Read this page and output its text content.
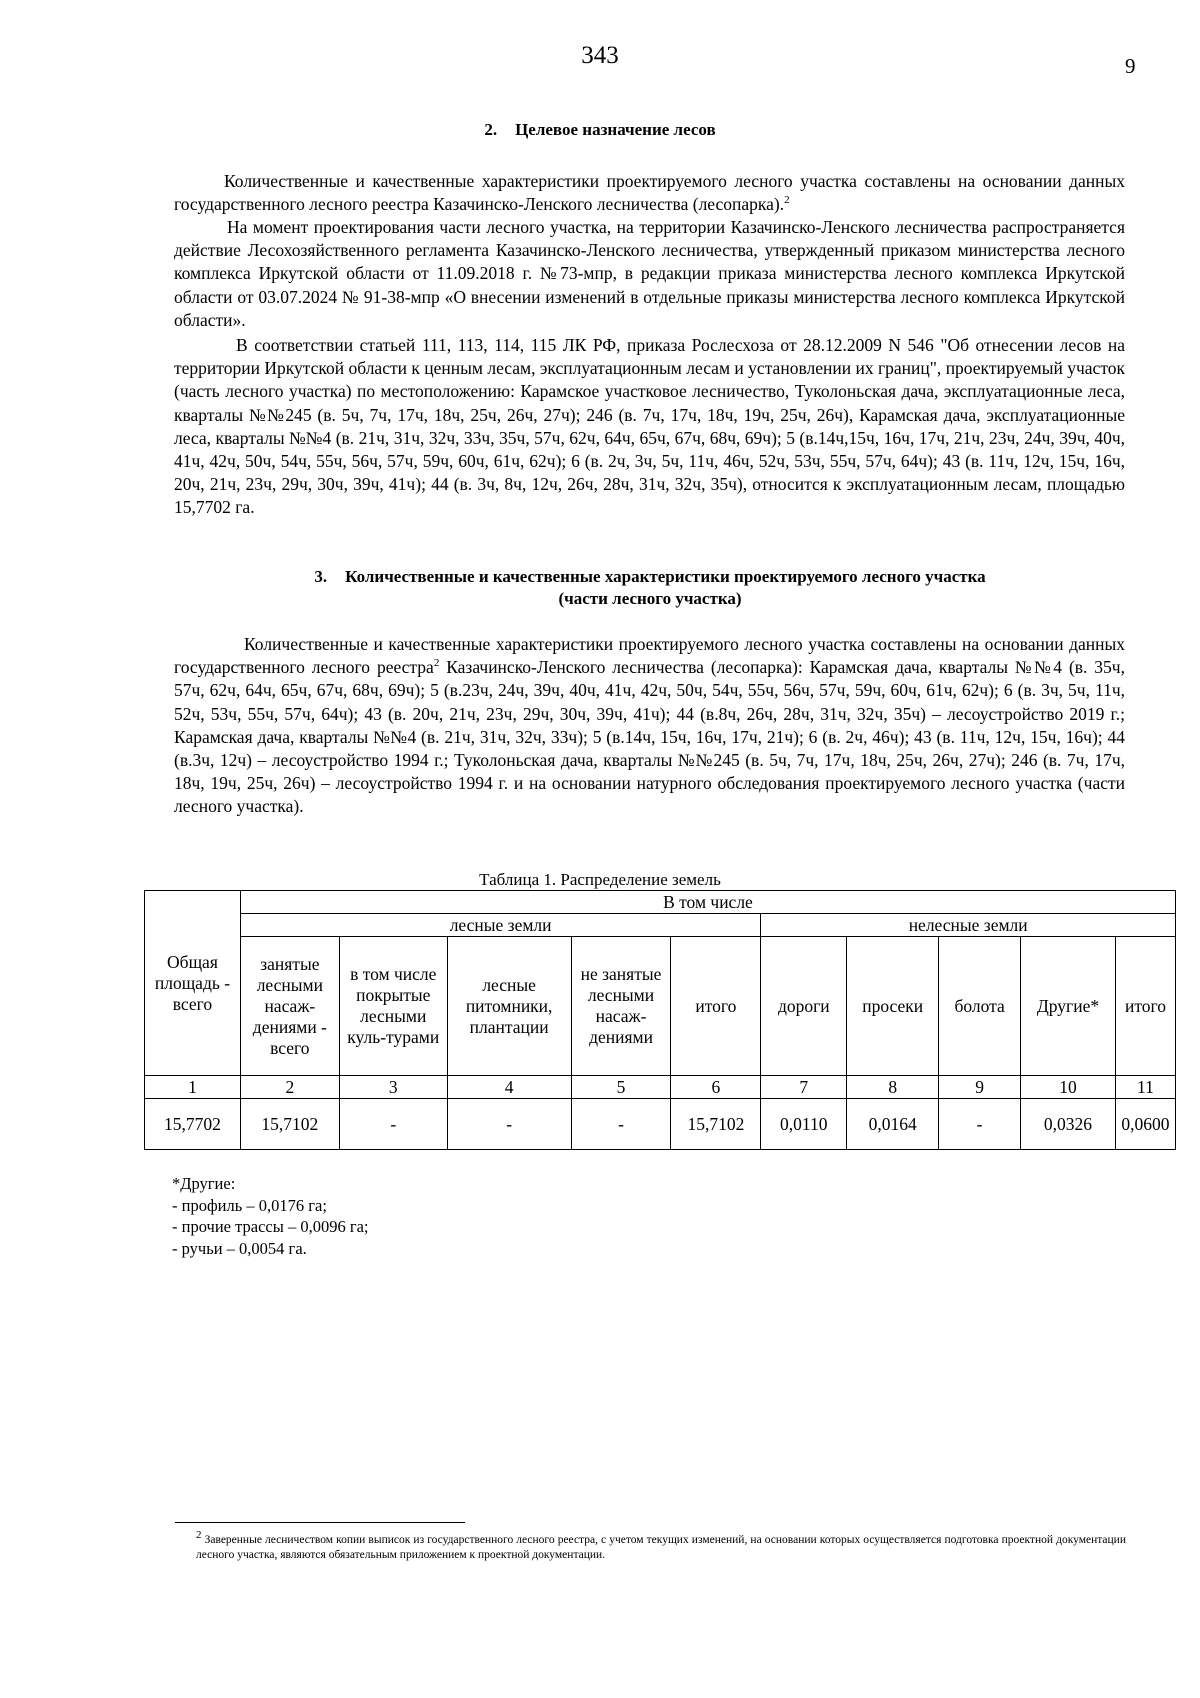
343	9
2. Целевое назначение лесов

Количественные и качественные характеристики проектируемого лесного участка составлены на основании данных государственного лесного реестра Казачинско-Ленского лесничества (лесопарка).$^2$

На момент проектирования части лесного участка, на территории Казачинско-Ленского лесничества распространяется действие Лесохозяйственного регламента Казачинско-Ленского лесничества, утвержденный приказом министерства лесного комплекса Иркутской области от 11.09.2018 г. №73-мпр, в редакции приказа министерства лесного комплекса Иркутской области от 03.07.2024 № 91-38-мпр «О внесении изменений в отдельные приказы министерства лесного комплекса Иркутской области».

В соответствии статьей 111, 113, 114, 115 ЛК РФ, приказа Рослесхоза от 28.12.2009 N 546 "Об отнесении лесов на территории Иркутской области к ценным лесам, эксплуатационным лесам и установлении их границ", проектируемый участок (часть лесного участка) по местоположению: Карамское участковое лесничество, Туколоньская дача, эксплуатационные леса, кварталы №№245 (в. 5ч, 7ч, 17ч, 18ч, 25ч, 26ч, 27ч); 246 (в. 7ч, 17ч, 18ч, 19ч, 25ч, 26ч), Карамская дача, эксплуатационные леса, кварталы №№4 (в. 21ч, 31ч, 32ч, 33ч, 35ч, 57ч, 62ч, 64ч, 65ч, 67ч, 68ч, 69ч); 5 (в.14ч,15ч, 16ч, 17ч, 21ч, 23ч, 24ч, 39ч, 40ч, 41ч, 42ч, 50ч, 54ч, 55ч, 56ч, 57ч, 59ч, 60ч, 61ч, 62ч); 6 (в. 2ч, 3ч, 5ч, 11ч, 46ч, 52ч, 53ч, 55ч, 57ч, 64ч); 43 (в. 11ч, 12ч, 15ч, 16ч, 20ч, 21ч, 23ч, 29ч, 30ч, 39ч, 41ч); 44 (в. 3ч, 8ч, 12ч, 26ч, 28ч, 31ч, 32ч, 35ч), относится к эксплуатационным лесам, площадью 15,7702 га.

3. Количественные и качественные характеристики проектируемого лесного участка
(части лесного участка)

Количественные и качественные характеристики проектируемого лесного участка составлены на основании данных государственного лесного реестра$^2$ Казачинско-Ленского лесничества (лесопарка): Карамская дача, кварталы №№4 (в. 35ч, 57ч, 62ч, 64ч, 65ч, 67ч, 68ч, 69ч); 5 (в.23ч, 24ч, 39ч, 40ч, 41ч, 42ч, 50ч, 54ч, 55ч, 56ч, 57ч, 59ч, 60ч, 61ч, 62ч); 6 (в. 3ч, 5ч, 11ч, 52ч, 53ч, 55ч, 57ч, 64ч); 43 (в. 20ч, 21ч, 23ч, 29ч, 30ч, 39ч, 41ч); 44 (в.8ч, 26ч, 28ч, 31ч, 32ч, 35ч) – лесоустройство 2019 г.; Карамская дача, кварталы №№4 (в. 21ч, 31ч, 32ч, 33ч); 5 (в.14ч, 15ч, 16ч, 17ч, 21ч); 6 (в. 2ч, 46ч); 43 (в. 11ч, 12ч, 15ч, 16ч); 44 (в.3ч, 12ч) – лесоустройство 1994 г.; Туколоньская дача, кварталы №№245 (в. 5ч, 7ч, 17ч, 18ч, 25ч, 26ч, 27ч); 246 (в. 7ч, 17ч, 18ч, 19ч, 25ч, 26ч) – лесоустройство 1994 г. и на основании натурного обследования проектируемого лесного участка (части лесного участка).

Таблица 1. Распределение земель
Общая площадь - всего	В том числе									
	лесные земли					нелесные земли				
	занятые лесными насаж-дениями - всего	в том числе покрытые лесными куль-турами	лесные питомники, плантации	не занятые лесными насаж-дениями	итого	дороги	просеки	болота	Другие*	итого
1	2	3	4	5	6	7	8	9	10	11
15,7702	15,7102	-	-	-	15,7102	0,0110	0,0164	-	0,0326	0,0600
*Другие:
- профиль – 0,0176 га;
- прочие трассы – 0,0096 га;
- ручьи – 0,0054 га.
$^2$ Заверенные лесничеством копии выписок из государственного лесного реестра, с учетом текущих изменений, на основании которых осуществляется подготовка проектной документации лесного участка, являются обязательным приложением к проектной документации.
